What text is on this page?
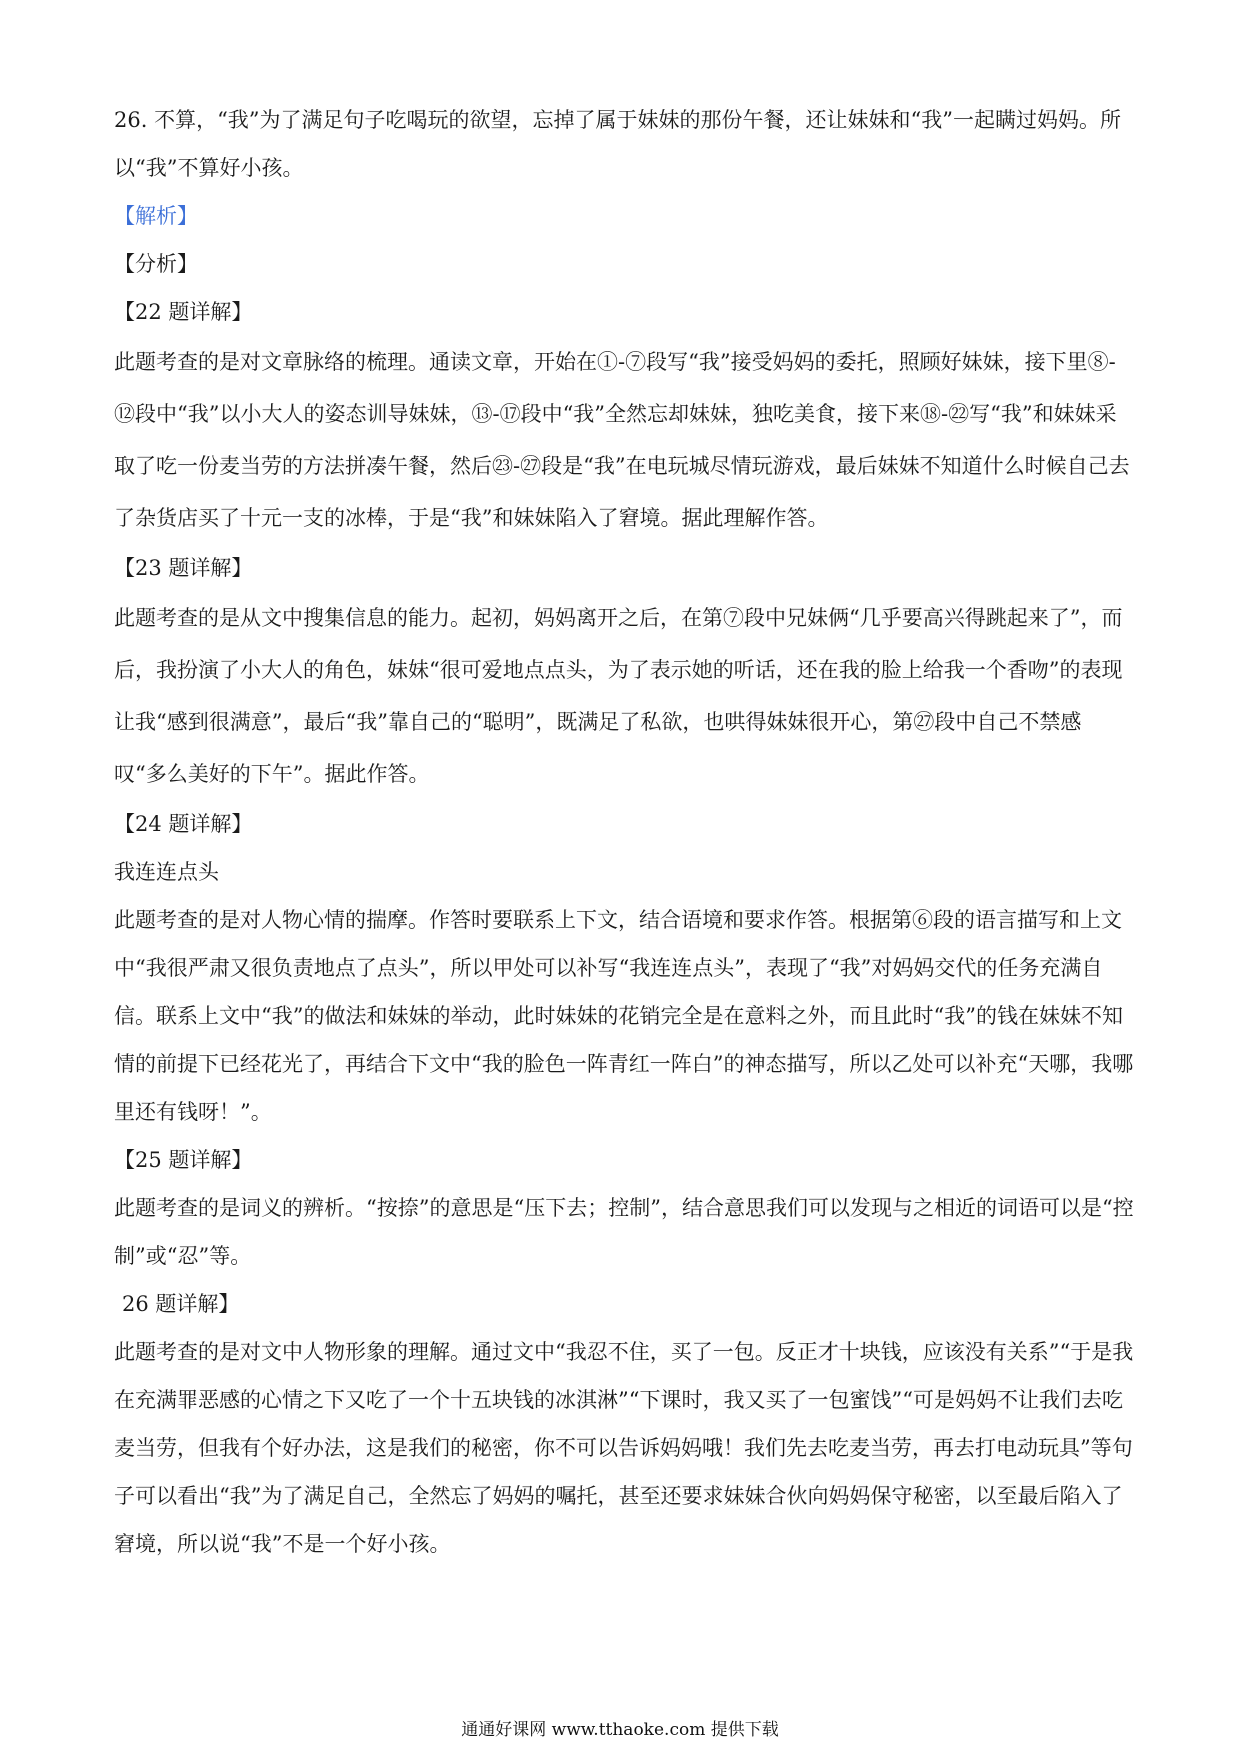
26. 不算，“我”为了满足句子吃喝玩的欲望，忘掉了属于妹妹的那份午餐，还让妹妹和“我”一起瞒过妈妈。所以“我”不算好小孩。

【解析】

【分析】

【22 题详解】

此题考查的是对文章脉络的梳理。通读文章，开始在①-⑦段写“我”接受妈妈的委托，照顾好妹妹，接下里⑧-⑫段中“我”以小大人的姿态训导妹妹，⑬-⑰段中“我”全然忘却妹妹，独吃美食，接下来⑱-㉒写“我”和妹妹采取了吃一份麦当劳的方法拼凑午餐，然后㉓-㉗段是“我”在电玩城尽情玩游戏，最后妹妹不知道什么时候自己去了杂货店买了十元一支的冰棒，于是“我”和妹妹陷入了窘境。据此理解作答。

【23 题详解】

此题考查的是从文中搜集信息的能力。起初，妈妈离开之后，在第⑦段中兄妹俩“几乎要高兴得跳起来了”，而后，我扮演了小大人的角色，妹妹“很可爱地点点头，为了表示她的听话，还在我的脸上给我一个香吻”的表现让我“感到很满意”，最后“我”靠自己的“聪明”，既满足了私欲，也哄得妹妹很开心，第㉗段中自己不禁感叹“多么美好的下午”。据此作答。

【24 题详解】

我连连点头

此题考查的是对人物心情的揣摩。作答时要联系上下文，结合语境和要求作答。根据第⑥段的语言描写和上文中“我很严肃又很负责地点了点头”，所以甲处可以补写“我连连点头”，表现了“我”对妈妈交代的任务充满自信。联系上文中“我”的做法和妹妹的举动，此时妹妹的花销完全是在意料之外，而且此时“我”的钱在妹妹不知情的前提下已经花光了，再结合下文中“我的脸色一阵青红一阵白”的神态描写，所以乙处可以补充“天哪，我哪里还有钱呀！”。

【25 题详解】

此题考查的是词义的辨析。“按捺”的意思是“压下去；控制”，结合意思我们可以发现与之相近的词语可以是“控制”或“忍”等。

26 题详解】

此题考查的是对文中人物形象的理解。通过文中“我忍不住，买了一包。反正才十块钱，应该没有关系”“于是我在充满罪恶感的心情之下又吃了一个十五块钱的冰淇淋”“下课时，我又买了一包蜜饯”“可是妈妈不让我们去吃麦当劳，但我有个好办法，这是我们的秘密，你不可以告诉妈妈哦！我们先去吃麦当劳，再去打电动玩具”等句子可以看出“我”为了满足自己，全然忘了妈妈的嘱托，甚至还要求妹妹合伙向妈妈保守秘密，以至最后陷入了窘境，所以说“我”不是一个好小孩。

通通好课网 www.tthaoke.com 提供下载
